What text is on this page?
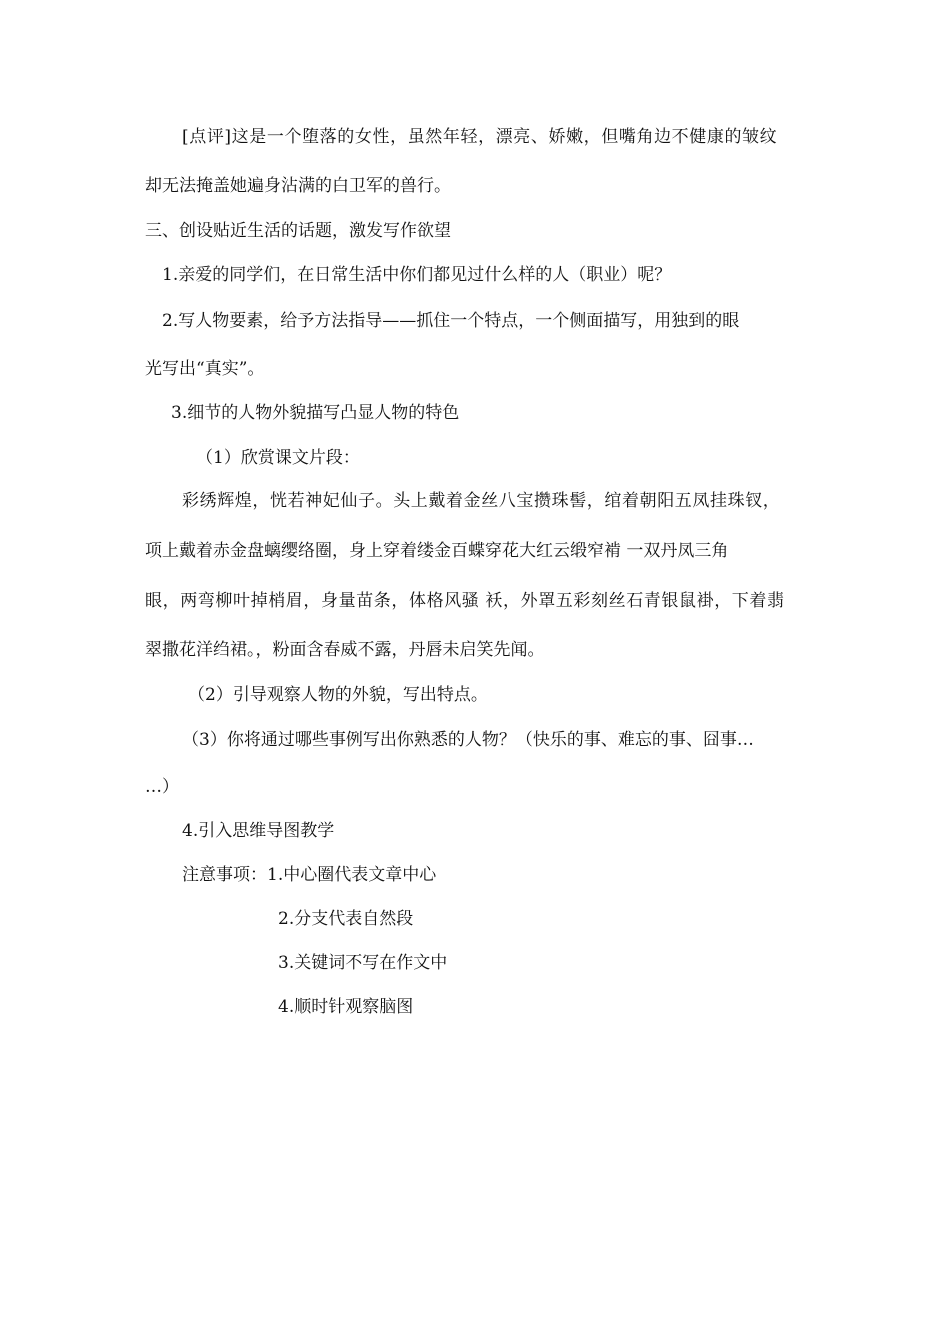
[点评]这是一个堕落的女性，虽然年轻，漂亮、娇嫩，但嘴角边不健康的皱纹
却无法掩盖她遍身沾满的白卫军的兽行。
三、创设贴近生活的话题，激发写作欲望
1.亲爱的同学们，在日常生活中你们都见过什么样的人（职业）呢？
2.写人物要素，给予方法指导——抓住一个特点，一个侧面描写，用独到的眼
光写出“真实”。
3.细节的人物外貌描写凸显人物的特色
（1）欣赏课文片段：
彩绣辉煌，恍若神妃仙子。头上戴着金丝八宝攒珠髻，绾着朝阳五凤挂珠钗，
项上戴着赤金盘螭缨络圈，身上穿着缕金百蝶穿花大红云缎窄褃 一双丹凤三角
眼，两弯柳叶掉梢眉，身量苗条，体格风骚 袄，外罩五彩刻丝石青银鼠褂，下着翡
翠撒花洋绉裙。，粉面含春威不露，丹唇未启笑先闻。
（2）引导观察人物的外貌，写出特点。
（3）你将通过哪些事例写出你熟悉的人物？（快乐的事、难忘的事、囧事…
…）
4.引入思维导图教学
注意事项：1.中心圈代表文章中心
2.分支代表自然段
3.关键词不写在作文中
4.顺时针观察脑图
